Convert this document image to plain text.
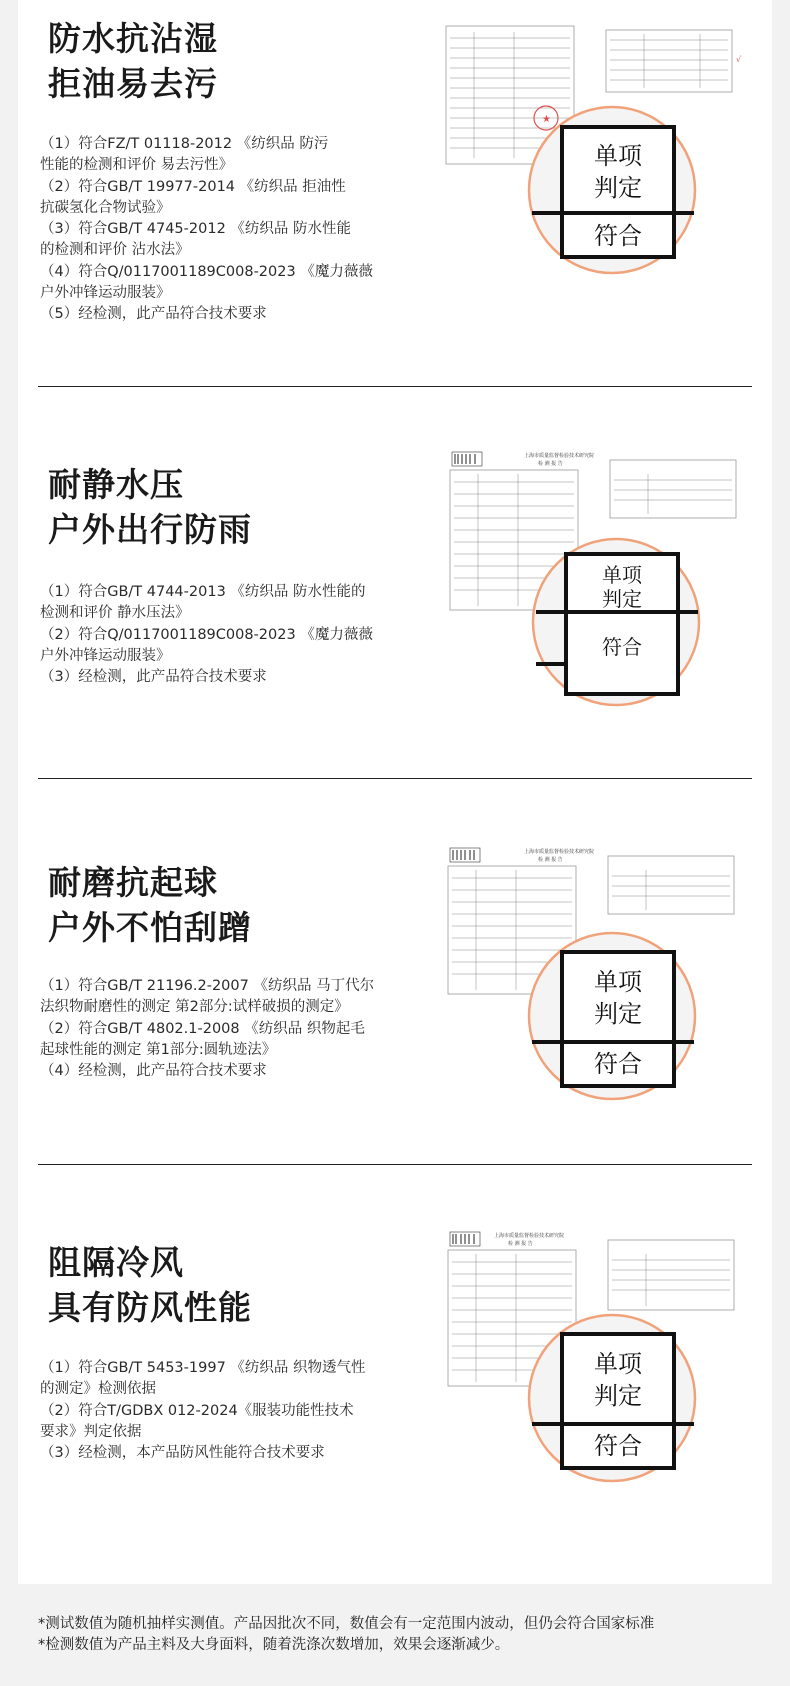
防水抗沾湿
拒油易去污
（1）符合FZ/T 01118-2012 《纺织品 防污
性能的检测和评价 易去污性》
（2）符合GB/T 19977-2014 《纺织品 拒油性
抗碳氢化合物试验》
（3）符合GB/T 4745-2012 《纺织品 防水性能
的检测和评价 沾水法》
（4）符合Q/0117001189C008-2023 《魔力薇薇
户外冲锋运动服装》
（5）经检测，此产品符合技术要求
★
√
单项
判定
符合
耐静水压
户外出行防雨
（1）符合GB/T 4744-2013 《纺织品 防水性能的
检测和评价 静水压法》
（2）符合Q/0117001189C008-2023 《魔力薇薇
户外冲锋运动服装》
（3）经检测，此产品符合技术要求
上海市质量监督检验技术研究院
检 测 报 告
单项
判定
符合
耐磨抗起球
户外不怕刮蹭
（1）符合GB/T 21196.2-2007 《纺织品 马丁代尔
法织物耐磨性的测定 第2部分:试样破损的测定》
（2）符合GB/T 4802.1-2008 《纺织品 织物起毛
起球性能的测定 第1部分:圆轨迹法》
（4）经检测，此产品符合技术要求
上海市质量监督检验技术研究院
检 测 报 告
单项
判定
符合
阻隔冷风
具有防风性能
（1）符合GB/T 5453-1997 《纺织品 织物透气性
的测定》检测依据
（2）符合T/GDBX 012-2024《服装功能性技术
要求》判定依据
（3）经检测，本产品防风性能符合技术要求
上海市质量监督检验技术研究院
检 测 报 告
单项
判定
符合
*测试数值为随机抽样实测值。产品因批次不同，数值会有一定范围内波动，但仍会符合国家标准
*检测数值为产品主料及大身面料，随着洗涤次数增加，效果会逐渐减少。
